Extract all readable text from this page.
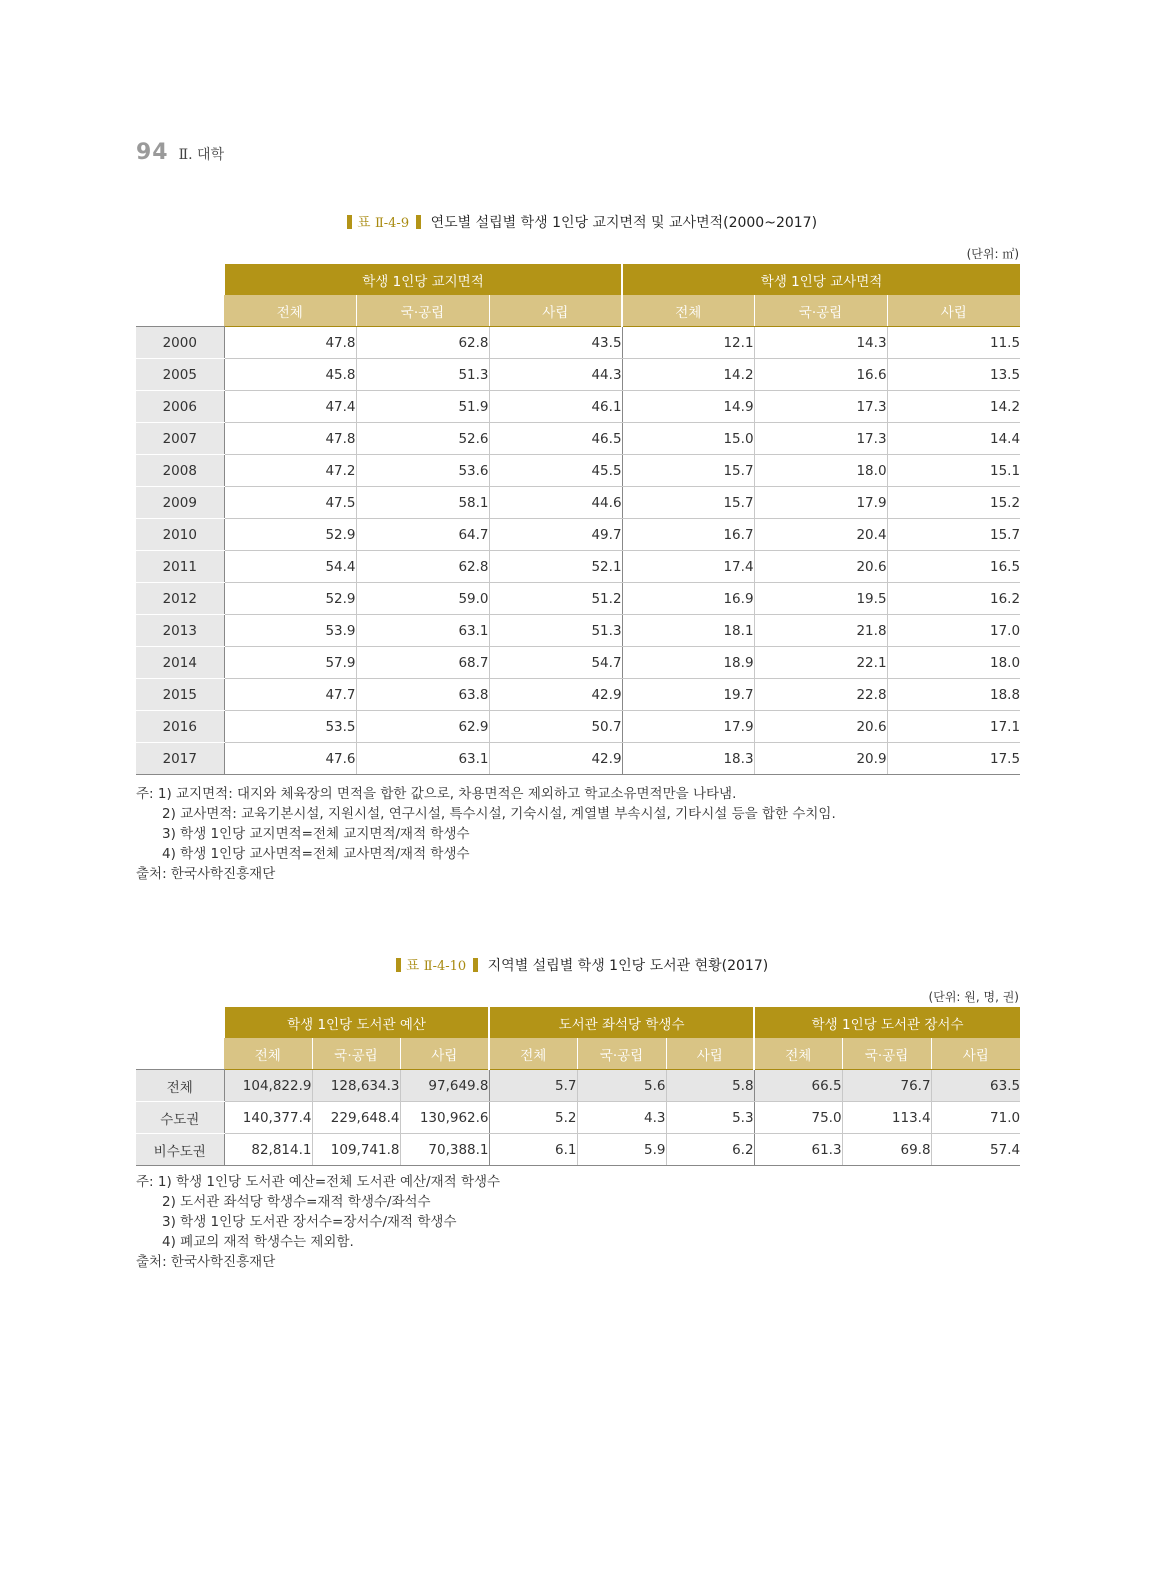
94 Ⅱ. 대학
표 Ⅱ-4-9 연도별 설립별 학생 1인당 교지면적 및 교사면적(2000~2017)
(단위: ㎡)
	학생 1인당 교지면적			학생 1인당 교사면적		
	전체	국·공립	사립	전체	국·공립	사립
2000	47.8	62.8	43.5	12.1	14.3	11.5
2005	45.8	51.3	44.3	14.2	16.6	13.5
2006	47.4	51.9	46.1	14.9	17.3	14.2
2007	47.8	52.6	46.5	15.0	17.3	14.4
2008	47.2	53.6	45.5	15.7	18.0	15.1
2009	47.5	58.1	44.6	15.7	17.9	15.2
2010	52.9	64.7	49.7	16.7	20.4	15.7
2011	54.4	62.8	52.1	17.4	20.6	16.5
2012	52.9	59.0	51.2	16.9	19.5	16.2
2013	53.9	63.1	51.3	18.1	21.8	17.0
2014	57.9	68.7	54.7	18.9	22.1	18.0
2015	47.7	63.8	42.9	19.7	22.8	18.8
2016	53.5	62.9	50.7	17.9	20.6	17.1
2017	47.6	63.1	42.9	18.3	20.9	17.5
주: 1) 교지면적: 대지와 체육장의 면적을 합한 값으로, 차용면적은 제외하고 학교소유면적만을 나타냄.
2) 교사면적: 교육기본시설, 지원시설, 연구시설, 특수시설, 기숙시설, 계열별 부속시설, 기타시설 등을 합한 수치임.
3) 학생 1인당 교지면적=전체 교지면적/재적 학생수
4) 학생 1인당 교사면적=전체 교사면적/재적 학생수
출처: 한국사학진흥재단
표 Ⅱ-4-10 지역별 설립별 학생 1인당 도서관 현황(2017)
(단위: 원, 명, 권)
	학생 1인당 도서관 예산			도서관 좌석당 학생수			학생 1인당 도서관 장서수		
	전체	국·공립	사립	전체	국·공립	사립	전체	국·공립	사립
전체	104,822.9	128,634.3	97,649.8	5.7	5.6	5.8	66.5	76.7	63.5
수도권	140,377.4	229,648.4	130,962.6	5.2	4.3	5.3	75.0	113.4	71.0
비수도권	82,814.1	109,741.8	70,388.1	6.1	5.9	6.2	61.3	69.8	57.4
주: 1) 학생 1인당 도서관 예산=전체 도서관 예산/재적 학생수
2) 도서관 좌석당 학생수=재적 학생수/좌석수
3) 학생 1인당 도서관 장서수=장서수/재적 학생수
4) 폐교의 재적 학생수는 제외함.
출처: 한국사학진흥재단
